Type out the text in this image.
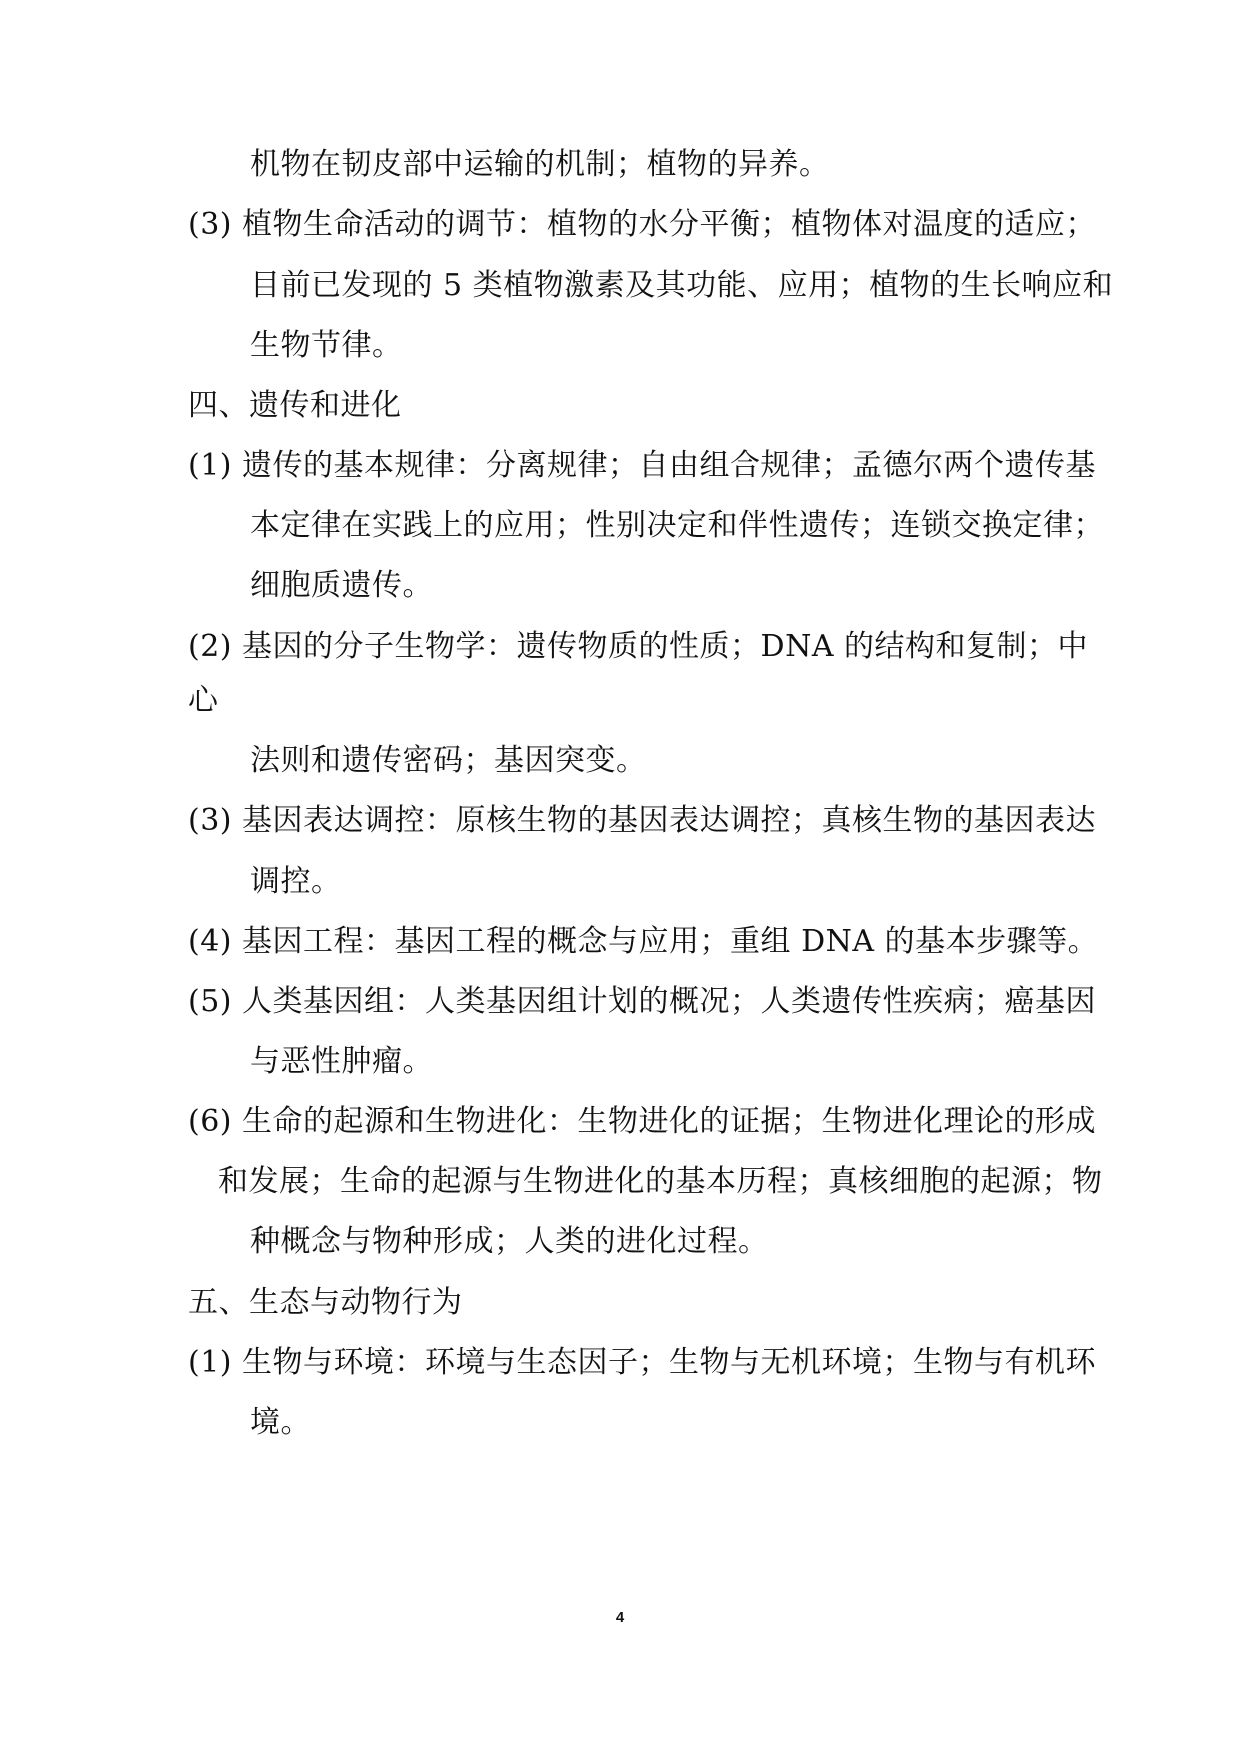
机物在韧皮部中运输的机制；植物的异养。
(3) 植物生命活动的调节：植物的水分平衡；植物体对温度的适应；
目前已发现的 5 类植物激素及其功能、应用；植物的生长响应和
生物节律。
四、遗传和进化
(1) 遗传的基本规律：分离规律；自由组合规律；孟德尔两个遗传基
本定律在实践上的应用；性别决定和伴性遗传；连锁交换定律；
细胞质遗传。
(2) 基因的分子生物学：遗传物质的性质；DNA 的结构和复制；中
心
法则和遗传密码；基因突变。
(3) 基因表达调控：原核生物的基因表达调控；真核生物的基因表达
调控。
(4) 基因工程：基因工程的概念与应用；重组 DNA 的基本步骤等。
(5) 人类基因组：人类基因组计划的概况；人类遗传性疾病；癌基因
与恶性肿瘤。
(6) 生命的起源和生物进化：生物进化的证据；生物进化理论的形成
和发展；生命的起源与生物进化的基本历程；真核细胞的起源；物
种概念与物种形成；人类的进化过程。
五、生态与动物行为
(1) 生物与环境：环境与生态因子；生物与无机环境；生物与有机环
境。
4
